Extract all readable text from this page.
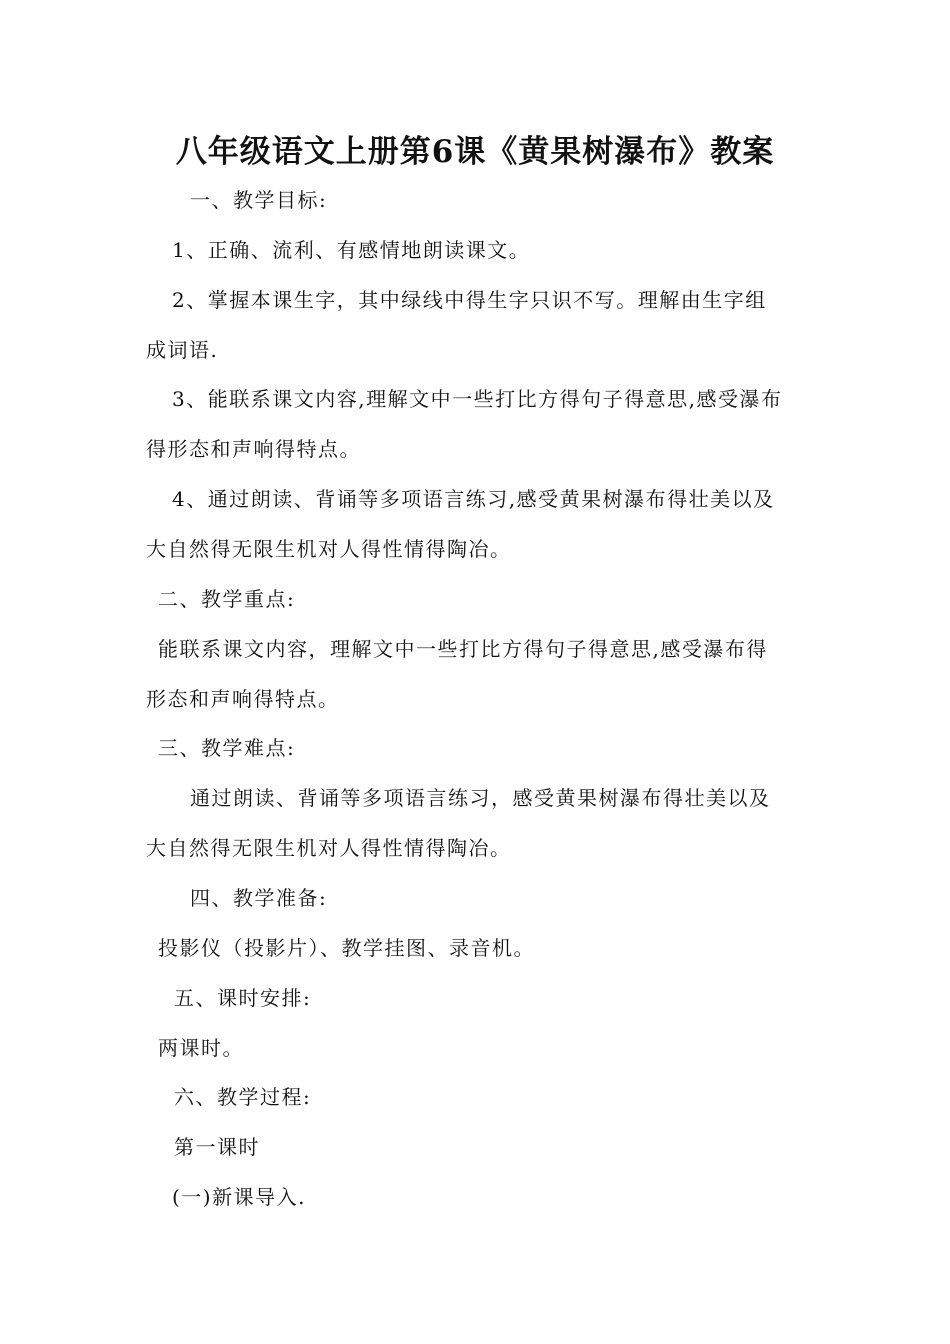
八年级语文上册第6课《黄果树瀑布》教案
一、教学目标:
1、正确、流利、有感情地朗读课文。
2、掌握本课生字，其中绿线中得生字只识不写。理解由生字组
成词语.
3、能联系课文内容,理解文中一些打比方得句子得意思,感受瀑布
得形态和声响得特点。
4、通过朗读、背诵等多项语言练习,感受黄果树瀑布得壮美以及
大自然得无限生机对人得性情得陶冶。
二、教学重点:
能联系课文内容，理解文中一些打比方得句子得意思,感受瀑布得
形态和声响得特点。
三、教学难点:
通过朗读、背诵等多项语言练习，感受黄果树瀑布得壮美以及
大自然得无限生机对人得性情得陶冶。
四、教学准备:
投影仪（投影片）、教学挂图、录音机。
五、课时安排:
两课时。
六、教学过程:
第一课时
(一)新课导入.
